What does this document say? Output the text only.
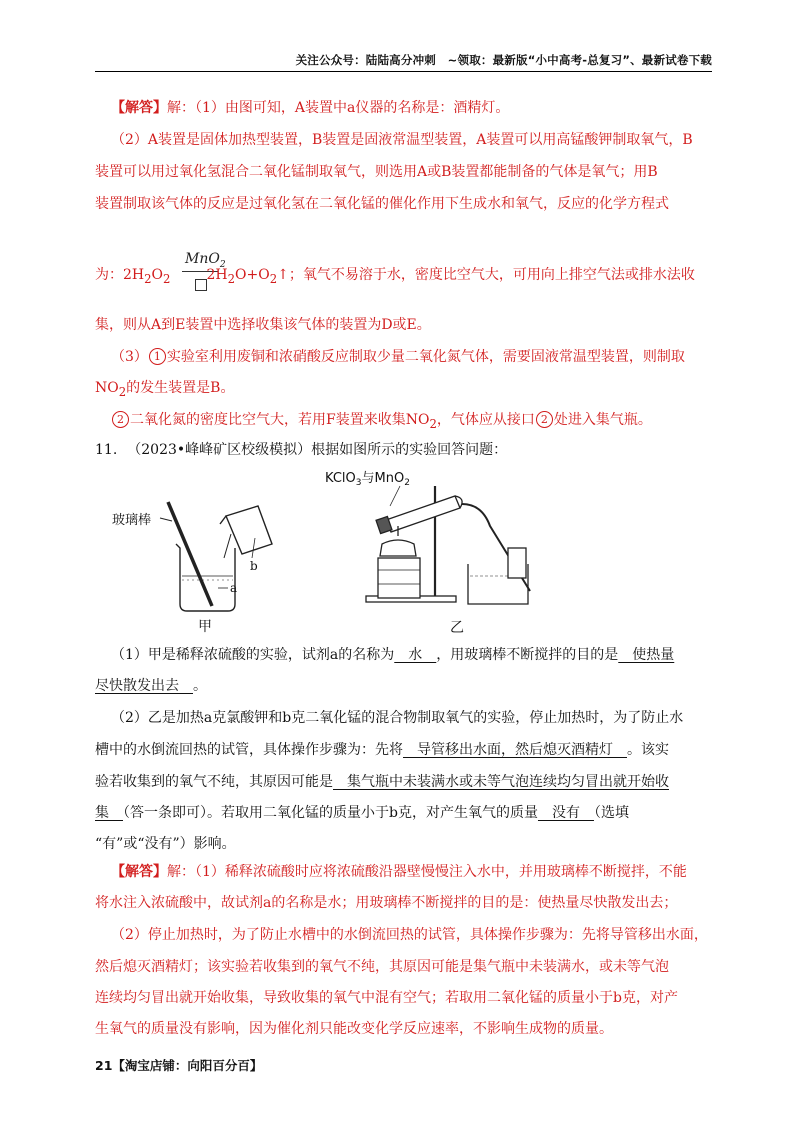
关注公众号：陆陆高分冲刺　~领取：最新版“小中高考-总复习”、最新试卷下载
【解答】解：（1）由图可知，A装置中a仪器的名称是：酒精灯。
（2）A装置是固体加热型装置，B装置是固液常温型装置，A装置可以用高锰酸钾制取氧气，B
装置可以用过氧化氢混合二氧化锰制取氧气，则选用A或B装置都能制备的气体是氧气；用B
装置制取该气体的反应是过氧化氢在二氧化锰的催化作用下生成水和氧气，反应的化学方程式
MnO$_2$
为：$2H_2O_2$	$2H_2O+O_2↑$；氧气不易溶于水，密度比空气大，可用向上排空气法或排水法收
集，则从A到E装置中选择收集该气体的装置为D或E。
（3） 1 实验室利用废铜和浓硝酸反应制取少量二氧化氮气体，需要固液常温型装置，则制取
$NO_2$的发生装置是B。
2 二氧化氮的密度比空气大，若用F装置来收集$NO_2$，气体应从接口 2 处进入集气瓶。
11. （2023•峰峰矿区校级模拟）根据如图所示的实验回答问题：
玻璃棒
b
a
甲
KClO$_3$与MnO$_2$
乙
（1）甲是稀释浓硫酸的实验，试剂a的名称为　水　，用玻璃棒不断搅拌的目的是　使热量
尽快散发出去　。
（2）乙是加热a克氯酸钾和b克二氧化锰的混合物制取氧气的实验，停止加热时，为了防止水
槽中的水倒流回热的试管，具体操作步骤为：先将　导管移出水面，然后熄灭酒精灯　。该实
验若收集到的氧气不纯，其原因可能是　集气瓶中未装满水或未等气泡连续均匀冒出就开始收
集　（答一条即可）。若取用二氧化锰的质量小于b克，对产生氧气的质量　没有　（选填
“有”或“没有”）影响。
【解答】解：（1）稀释浓硫酸时应将浓硫酸沿器壁慢慢注入水中，并用玻璃棒不断搅拌，不能
将水注入浓硫酸中，故试剂a的名称是水；用玻璃棒不断搅拌的目的是：使热量尽快散发出去；
（2）停止加热时，为了防止水槽中的水倒流回热的试管，具体操作步骤为：先将导管移出水面，
然后熄灭酒精灯；该实验若收集到的氧气不纯，其原因可能是集气瓶中未装满水，或未等气泡
连续均匀冒出就开始收集，导致收集的氧气中混有空气；若取用二氧化锰的质量小于b克，对产
生氧气的质量没有影响，因为催化剂只能改变化学反应速率，不影响生成物的质量。
21【淘宝店铺：向阳百分百】
